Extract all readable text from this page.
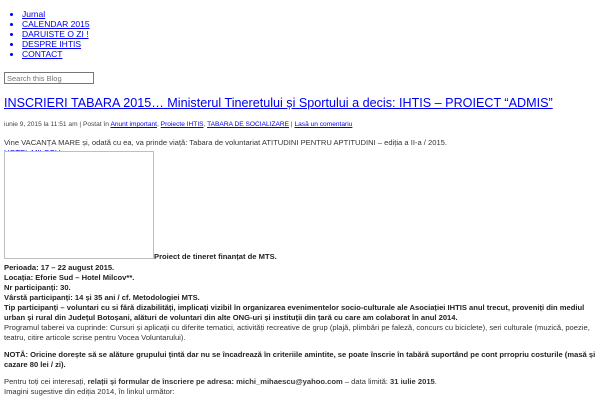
• Jurnal
• CALENDAR 2015
• DARUISTE O ZI !
• DESPRE IHTIS
• CONTACT
Search this Blog
INSCRIERI TABARA 2015… Ministerul Tineretului și Sportului a decis: IHTIS – PROIECT “ADMIS”
iunie 9, 2015 la 11:51 am | Postat în Anunt important, Proiecte IHTIS, TABARA DE SOCIALIZARE | Lasă un comentariu
Vine VACANȚA MARE și, odată cu ea, va prinde viață: Tabara de voluntariat ATITUDINI PENTRU APTITUDINI – ediția a II-a / 2015.
Proiect de tineret finanțat de MTS.

Perioada: 17 – 22 august 2015.

Locația: Eforie Sud – Hotel Milcov**.

Nr participanți: 30.

Vârstă participanți: 14 și 35 ani / cf. Metodologiei MTS.

Tip participanți – voluntari cu si fără dizabilități, implicați vizibil în organizarea evenimentelor socio-culturale ale Asociației IHTIS anul trecut, proveniți din mediul urban și rural din Județul Botoșani, alături de voluntari din alte ONG-uri și instituții din țară cu care am colaborat în anul 2014.

Programul taberei va cuprinde: Cursuri și aplicații cu diferite tematici, activități recreative de grup (plajă, plimbări pe faleză, concurs cu biciclete), seri culturale (muzică, poezie, teatru, citire articole scrise pentru Vocea Voluntarului).

NOTĂ: Oricine dorește să se alăture grupului țintă dar nu se încadrează în criteriile amintite, se poate înscrie în tabără suportând pe cont prropriu costurile (masă și cazare 80 lei / zi).

Pentru toți cei interesați, relații și formular de înscriere pe adresa: michi_mihaescu@yahoo.com – data limită: 31 iulie 2015.

Imagini sugestive din ediția 2014, în linkul următor:
